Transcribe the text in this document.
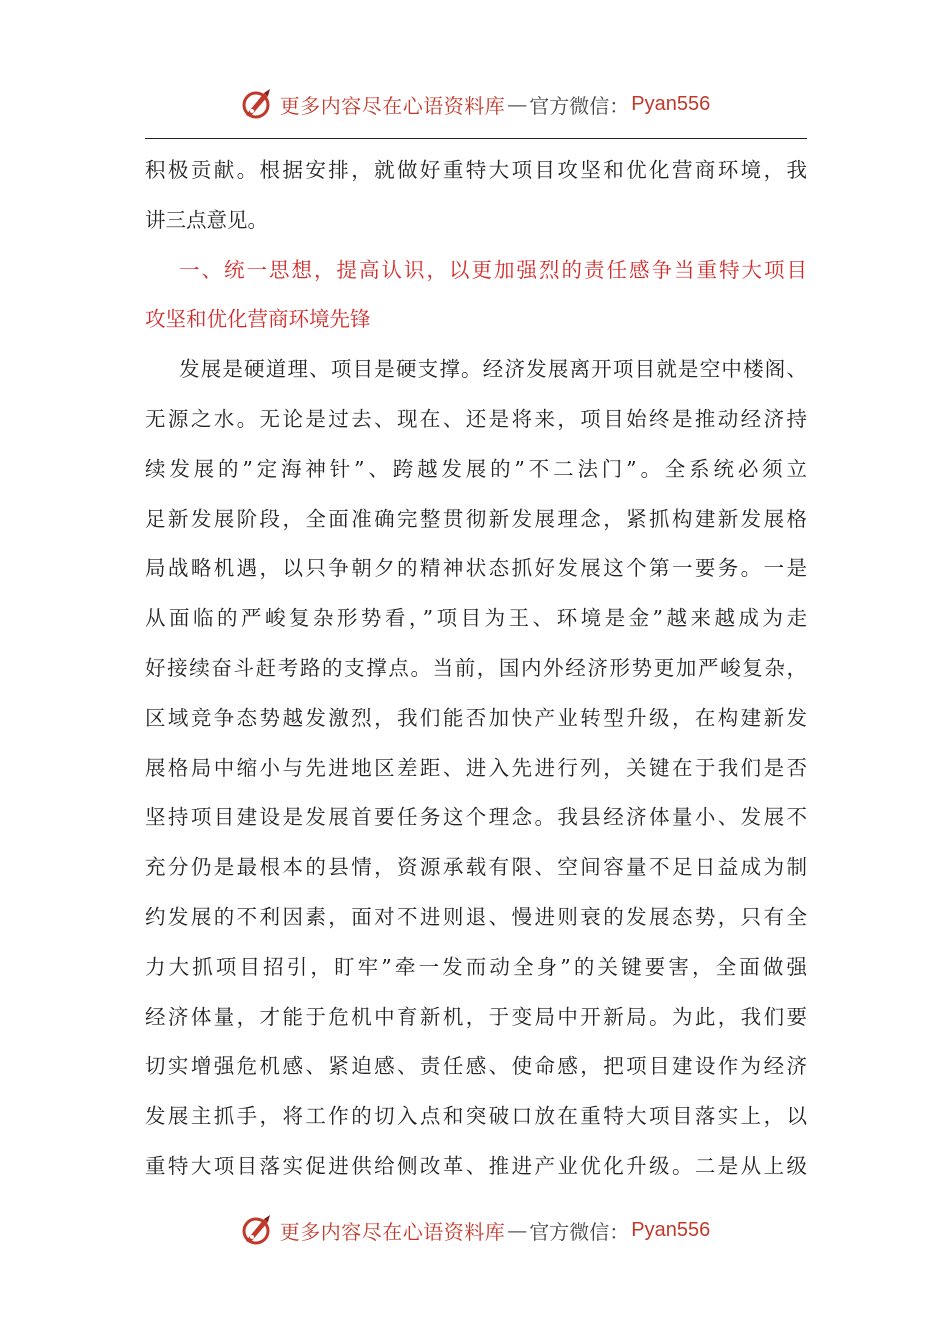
更多内容尽在心语资料库 — 官方微信： Pyan556
积极贡献。根据安排，就做好重特大项目攻坚和优化营商环境，我
讲三点意见。
一、统一思想，提高认识，以更加强烈的责任感争当重特大项目
攻坚和优化营商环境先锋
发展是硬道理、项目是硬支撑。经济发展离开项目就是空中楼阁、
无源之水。无论是过去、现在、还是将来，项目始终是推动经济持
续发展的”定海神针”、跨越发展的”不二法门”。全系统必须立
足新发展阶段，全面准确完整贯彻新发展理念，紧抓构建新发展格
局战略机遇，以只争朝夕的精神状态抓好发展这个第一要务。一是
从面临的严峻复杂形势看，”项目为王、环境是金”越来越成为走
好接续奋斗赶考路的支撑点。当前，国内外经济形势更加严峻复杂，
区域竞争态势越发激烈，我们能否加快产业转型升级，在构建新发
展格局中缩小与先进地区差距、进入先进行列，关键在于我们是否
坚持项目建设是发展首要任务这个理念。我县经济体量小、发展不
充分仍是最根本的县情，资源承载有限、空间容量不足日益成为制
约发展的不利因素，面对不进则退、慢进则衰的发展态势，只有全
力大抓项目招引，盯牢”牵一发而动全身”的关键要害，全面做强
经济体量，才能于危机中育新机，于变局中开新局。为此，我们要
切实增强危机感、紧迫感、责任感、使命感，把项目建设作为经济
发展主抓手，将工作的切入点和突破口放在重特大项目落实上，以
重特大项目落实促进供给侧改革、推进产业优化升级。二是从上级
更多内容尽在心语资料库 — 官方微信： Pyan556
